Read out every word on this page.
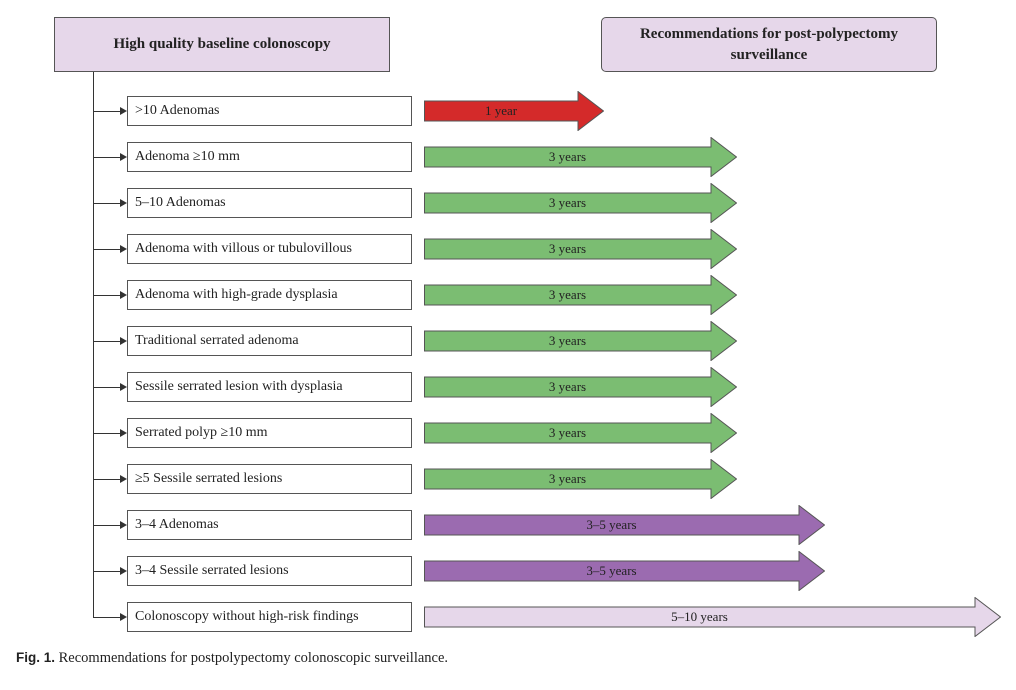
High quality baseline colonoscopy
Recommendations for post-polypectomy surveillance
>10 Adenomas	1 year
Adenoma ≥10 mm	3 years
5–10 Adenomas	3 years
Adenoma with villous or tubulovillous	3 years
Adenoma with high-grade dysplasia	3 years
Traditional serrated adenoma	3 years
Sessile serrated lesion with dysplasia	3 years
Serrated polyp ≥10 mm	3 years
≥5 Sessile serrated lesions	3 years
3–4 Adenomas	3–5 years
3–4 Sessile serrated lesions	3–5 years
Colonoscopy without high-risk findings	5–10 years
Fig. 1. Recommendations for postpolypectomy colonoscopic surveillance.
